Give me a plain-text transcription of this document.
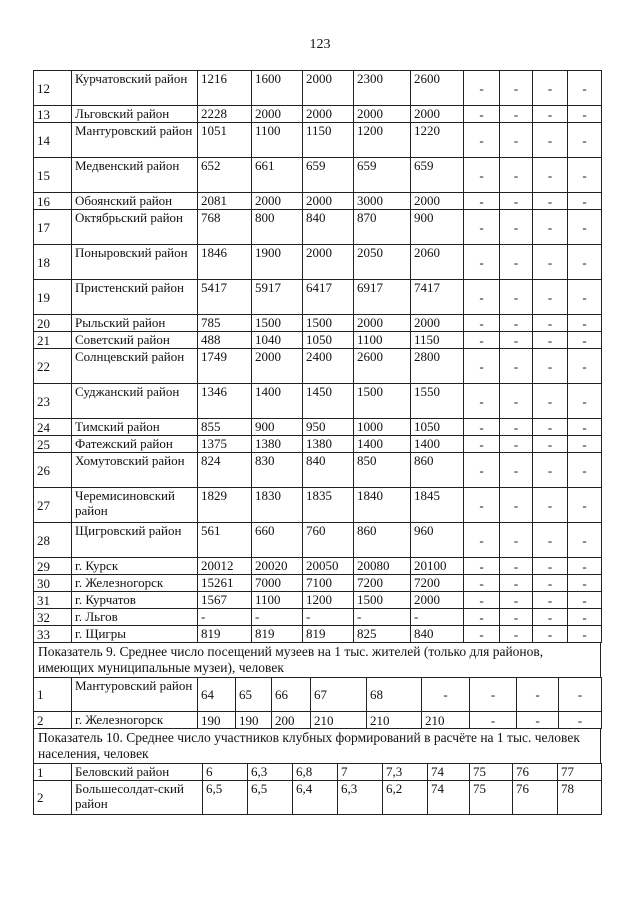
123
12	Курчатовский район	1216	1600	2000	2300	2600	-	-	-	-
13	Льговский район	2228	2000	2000	2000	2000	-	-	-	-
14	Мантуровский район	1051	1100	1150	1200	1220	-	-	-	-
15	Медвенский район	652	661	659	659	659	-	-	-	-
16	Обоянский район	2081	2000	2000	3000	2000	-	-	-	-
17	Октябрьский район	768	800	840	870	900	-	-	-	-
18	Поныровский район	1846	1900	2000	2050	2060	-	-	-	-
19	Пристенский район	5417	5917	6417	6917	7417	-	-	-	-
20	Рыльский район	785	1500	1500	2000	2000	-	-	-	-
21	Советский район	488	1040	1050	1100	1150	-	-	-	-
22	Солнцевский район	1749	2000	2400	2600	2800	-	-	-	-
23	Суджанский район	1346	1400	1450	1500	1550	-	-	-	-
24	Тимский район	855	900	950	1000	1050	-	-	-	-
25	Фатежский район	1375	1380	1380	1400	1400	-	-	-	-
26	Хомутовский район	824	830	840	850	860	-	-	-	-
27	Черемисиновский район	1829	1830	1835	1840	1845	-	-	-	-
28	Щигровский район	561	660	760	860	960	-	-	-	-
29	г. Курск	20012	20020	20050	20080	20100	-	-	-	-
30	г. Железногорск	15261	7000	7100	7200	7200	-	-	-	-
31	г. Курчатов	1567	1100	1200	1500	2000	-	-	-	-
32	г. Льгов	-	-	-	-	-	-	-	-	-
33	г. Щигры	819	819	819	825	840	-	-	-	-
Показатель 9. Среднее число посещений музеев на 1 тыс. жителей (только для районов, имеющих муниципальные музеи), человек
1	Мантуровский район	64	65	66	67	68	-	-	-	-
2	г. Железногорск	190	190	200	210	210	210	-	-	-
Показатель 10. Среднее число участников клубных формирований в расчёте на 1 тыс. человек населения, человек
1	Беловский район	6	6,3	6,8	7	7,3	74	75	76	77
2	Большесолдат-ский район	6,5	6,5	6,4	6,3	6,2	74	75	76	78
